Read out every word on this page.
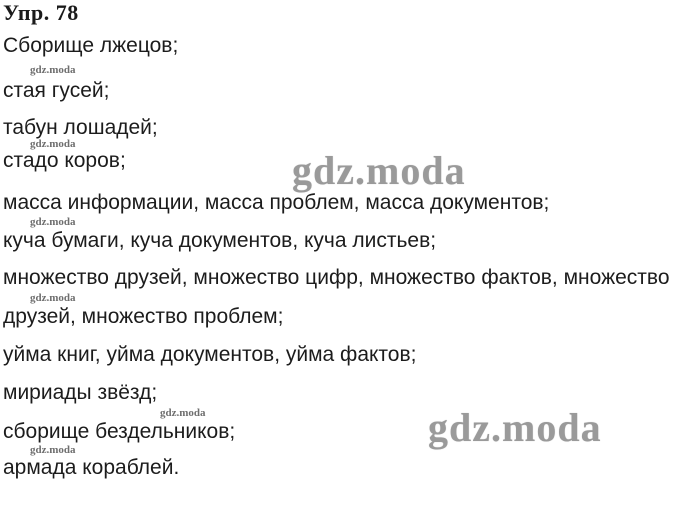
Упр. 78
Сборище лжецов;
стая гусей;
табун лошадей;
стадо коров;
масса информации, масса проблем, масса документов;
куча бумаги, куча документов, куча листьев;
множество друзей, множество цифр, множество фактов, множество
друзей, множество проблем;
уйма книг, уйма документов, уйма фактов;
мириады звёзд;
сборище бездельников;
армада кораблей.
gdz.moda
gdz.moda
gdz.moda
gdz.moda
gdz.moda
gdz.moda
gdz.moda
gdz.moda
